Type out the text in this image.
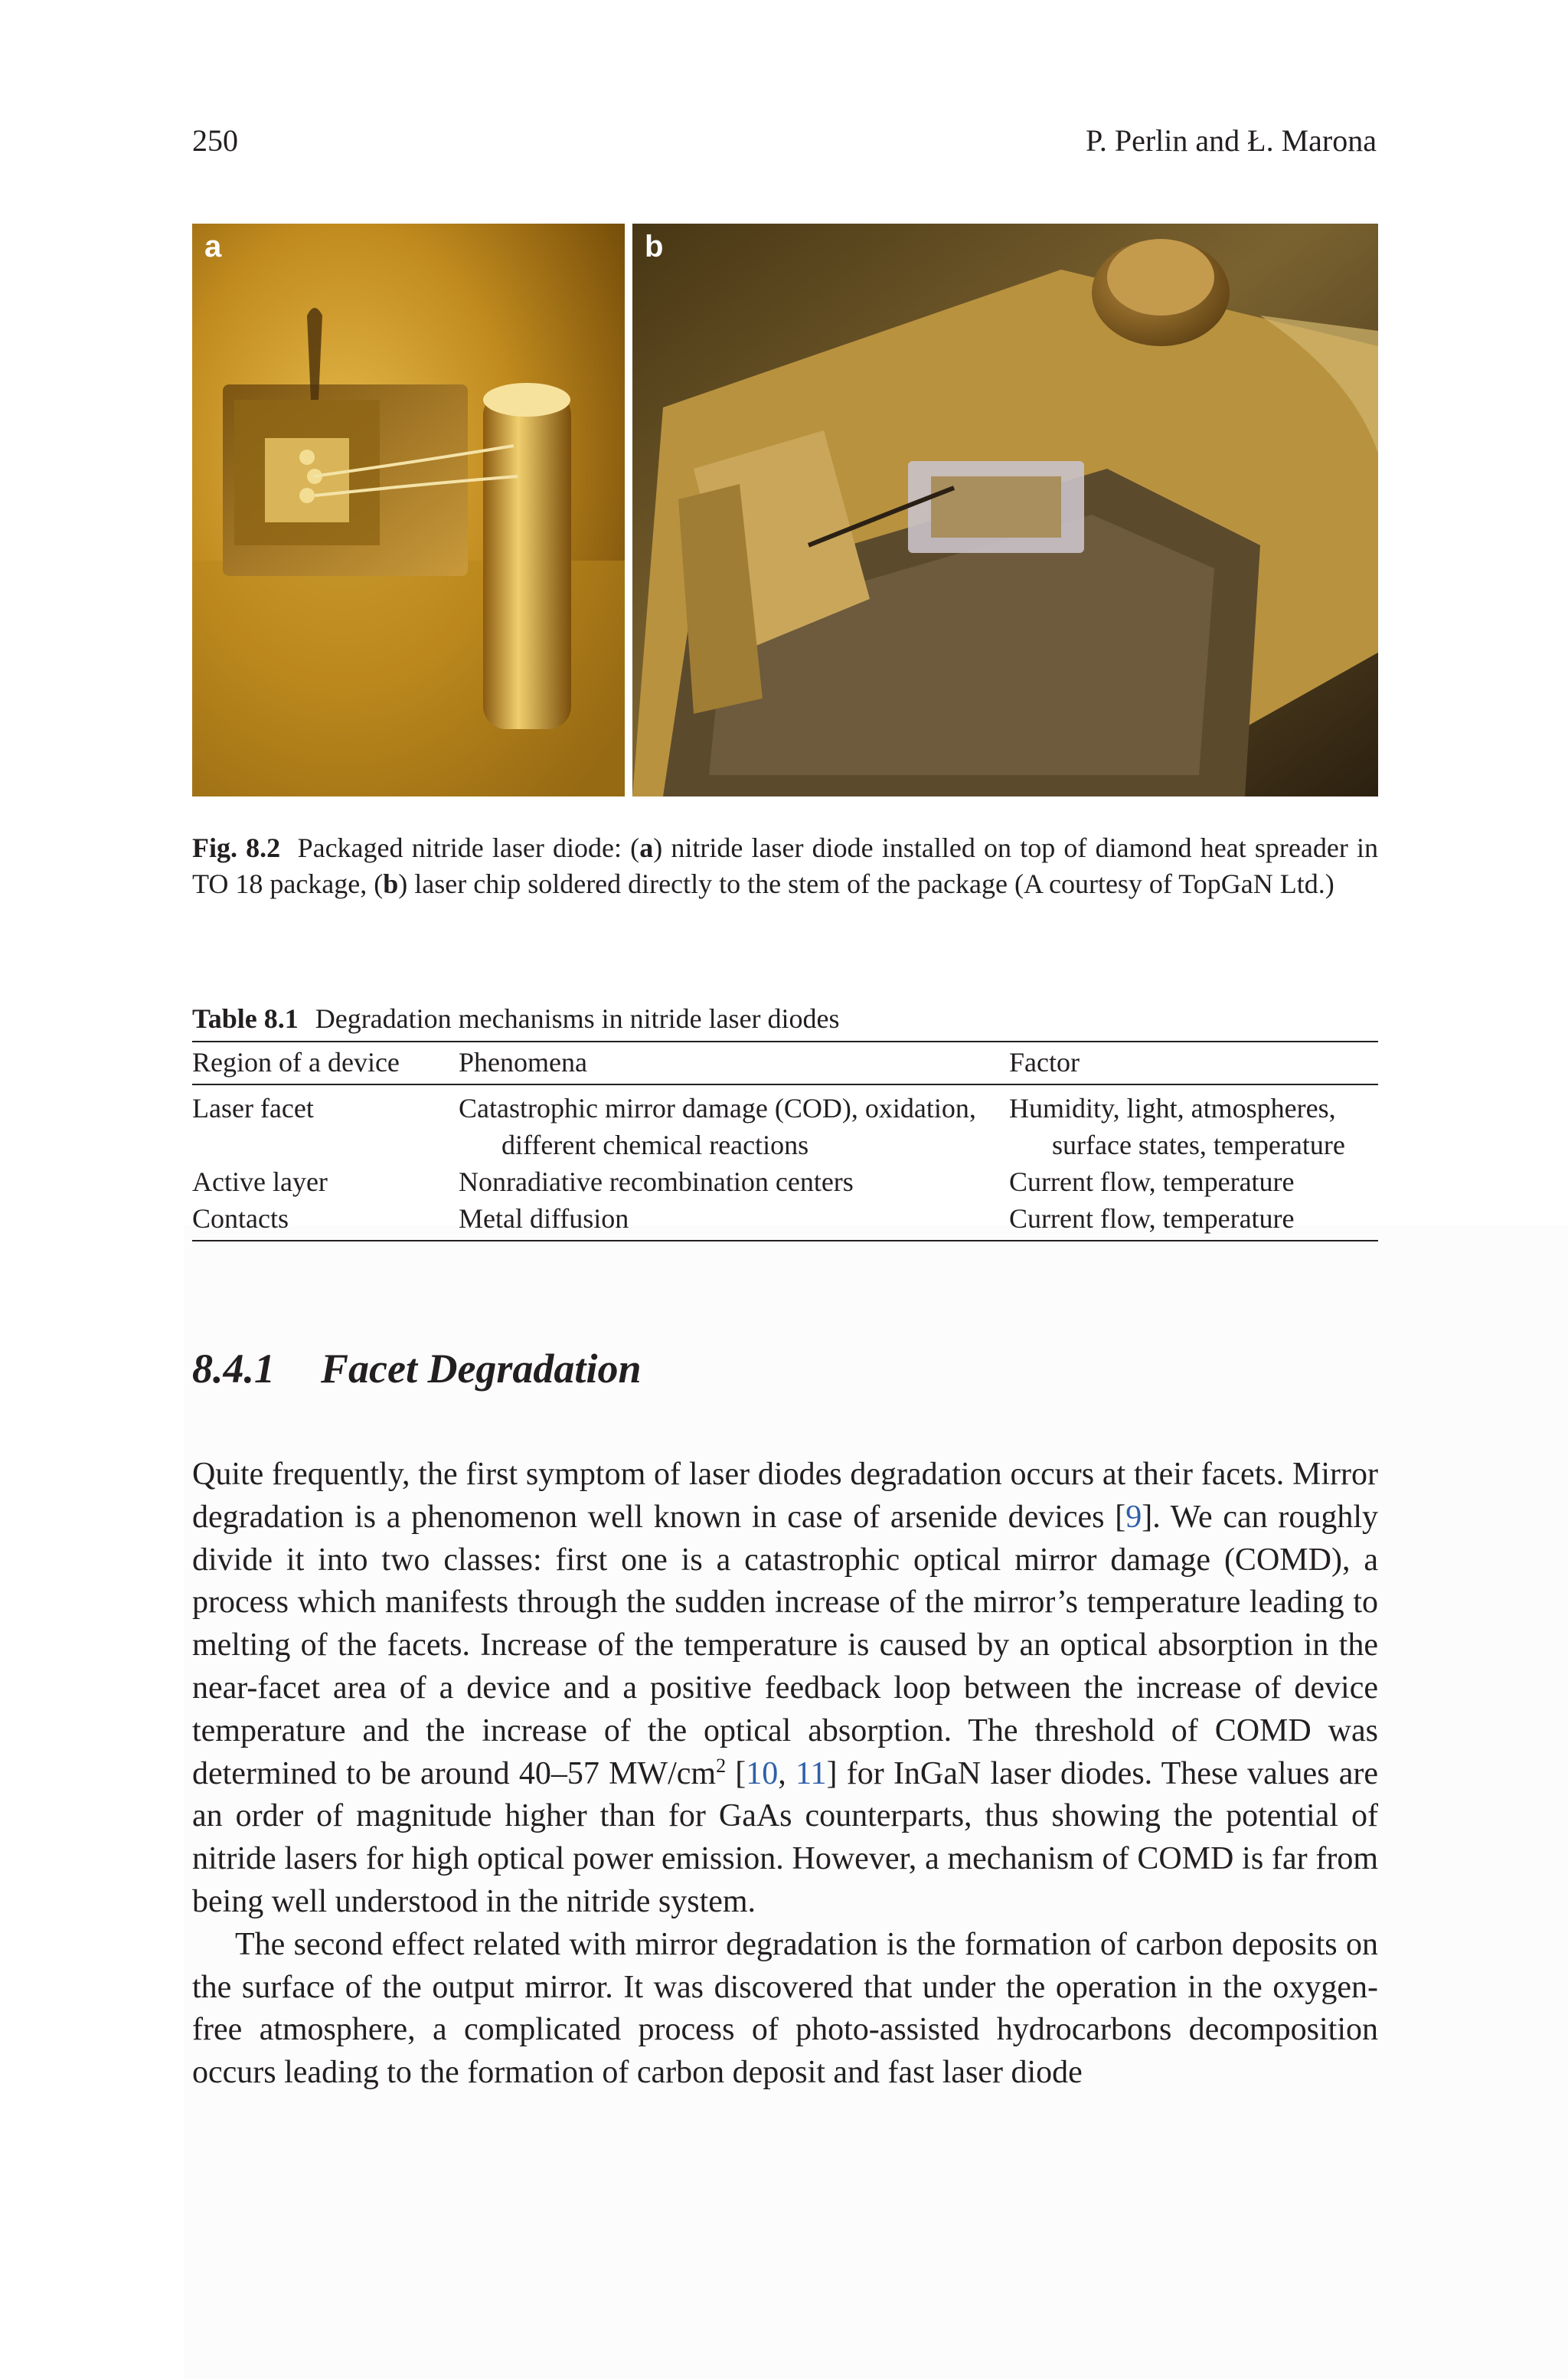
250	P. Perlin and Ł. Marona
a	b
Fig. 8.2 Packaged nitride laser diode: (a) nitride laser diode installed on top of diamond heat spreader in TO 18 package, (b) laser chip soldered directly to the stem of the package (A courtesy of TopGaN Ltd.)
Table 8.1 Degradation mechanisms in nitride laser diodes
Region of a device	Phenomena	Factor
Laser facet	Catastrophic mirror damage (COD), oxidation, different chemical reactions	Humidity, light, atmospheres, surface states, temperature

Active layer	Nonradiative recombination centers	Current flow, temperature
Contacts	Metal diffusion	Current flow, temperature
8.4.1 Facet Degradation

Quite frequently, the first symptom of laser diodes degradation occurs at their facets. Mirror degradation is a phenomenon well known in case of arsenide devices [9]. We can roughly divide it into two classes: first one is a catastrophic optical mirror damage (COMD), a process which manifests through the sudden increase of the mirror’s temperature leading to melting of the facets. Increase of the temperature is caused by an optical absorption in the near-facet area of a device and a positive feedback loop between the increase of device temperature and the increase of the optical absorption. The threshold of COMD was determined to be around 40–57 $MW/cm^2$ [10, 11] for InGaN laser diodes. These values are an order of magnitude higher than for GaAs counterparts, thus showing the potential of nitride lasers for high optical power emission. However, a mechanism of COMD is far from being well understood in the nitride system.

The second effect related with mirror degradation is the formation of carbon deposits on the surface of the output mirror. It was discovered that under the operation in the oxygen-free atmosphere, a complicated process of photo-assisted hydrocarbons decomposition occurs leading to the formation of carbon deposit and fast laser diode
